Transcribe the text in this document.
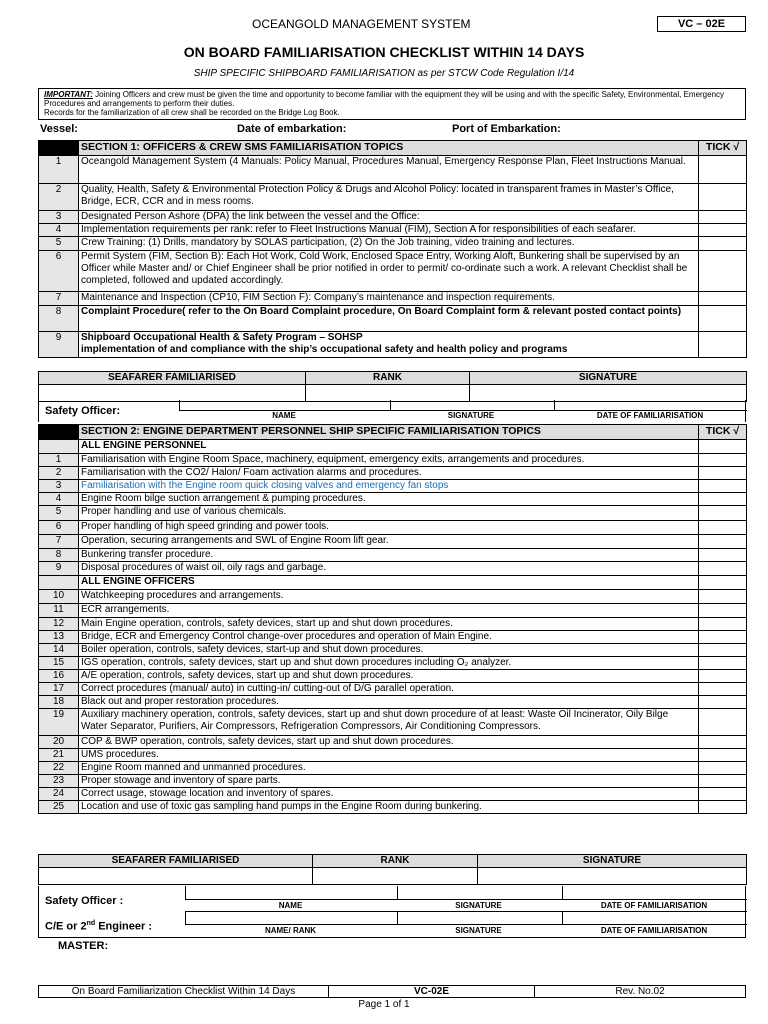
OCEANGOLD MANAGEMENT SYSTEM	VC – 02E
ON BOARD FAMILIARISATION CHECKLIST WITHIN 14 DAYS
SHIP SPECIFIC SHIPBOARD FAMILIARISATION as per STCW Code Regulation I/14
IMPORTANT: Joining Officers and crew must be given the time and opportunity to become familiar with the equipment they will be using and with the specific Safety, Environmental, Emergency Procedures and arrangements to perform their duties.
Records for the familiarization of all crew shall be recorded on the Bridge Log Book.
Vessel:	Date of embarkation:	Port of Embarkation:
	SECTION 1: OFFICERS & CREW SMS FAMILIARISATION TOPICS	TICK √
1	Oceangold Management System (4 Manuals: Policy Manual, Procedures Manual, Emergency Response Plan, Fleet Instructions Manual.	
2	Quality, Health, Safety & Environmental Protection Policy & Drugs and Alcohol Policy: located in transparent frames in Master’s Office, Bridge, ECR, CCR and in mess rooms.	
3	Designated Person Ashore (DPA) the link between the vessel and the Office:	
4	Implementation requirements per rank: refer to Fleet Instructions Manual (FIM), Section A for responsibilities of each seafarer.	
5	Crew Training: (1) Drills, mandatory by SOLAS participation, (2) On the Job training, video training and lectures.	
6	Permit System (FIM, Section B): Each Hot Work, Cold Work, Enclosed Space Entry, Working Aloft, Bunkering shall be supervised by an Officer while Master and/ or Chief Engineer shall be prior notified in order to permit/ co-ordinate such a work. A relevant Checklist shall be completed, followed and updated accordingly.	
7	Maintenance and Inspection (CP10, FIM Section F): Company’s maintenance and inspection requirements.	
8	Complaint Procedure( refer to the On Board Complaint procedure, On Board Complaint form & relevant posted contact points)	
9	Shipboard Occupational Health & Safety Program – SOHSP
implementation of and compliance with the ship’s occupational safety and health policy and programs	
SEAFARER FAMILIARISED	RANK	SIGNATURE

Safety Officer:	NAME	SIGNATURE	DATE OF FAMILIARISATION
	SECTION 2: ENGINE DEPARTMENT PERSONNEL SHIP SPECIFIC FAMILIARISATION TOPICS	TICK √
	ALL ENGINE PERSONNEL	
1	Familiarisation with Engine Room Space, machinery, equipment, emergency exits, arrangements and procedures.	
2	Familiarisation with the CO2/ Halon/ Foam activation alarms and procedures.	
3	Familiarisation with the Engine room quick closing valves and emergency fan stops	
4	Engine Room bilge suction arrangement & pumping procedures.	
5	Proper handling and use of various chemicals.	
6	Proper handling of high speed grinding and power tools.	
7	Operation, securing arrangements and SWL of Engine Room lift gear.	
8	Bunkering transfer procedure.	
9	Disposal procedures of waist oil, oily rags and garbage.	
	ALL ENGINE OFFICERS	
10	Watchkeeping procedures and arrangements.	
11	ECR arrangements.	
12	Main Engine operation, controls, safety devices, start up and shut down procedures.	
13	Bridge, ECR and Emergency Control change-over procedures and operation of Main Engine.	
14	Boiler operation, controls, safety devices, start-up and shut down procedures.	
15	IGS operation, controls, safety devices, start up and shut down procedures including O₂ analyzer.	
16	A/E operation, controls, safety devices, start up and shut down procedures.	
17	Correct procedures (manual/ auto) in cutting-in/ cutting-out of D/G parallel operation.	
18	Black out and proper restoration procedures.	
19	Auxiliary machinery operation, controls, safety devices, start up and shut down procedure of at least: Waste Oil Incinerator, Oily Bilge Water Separator, Purifiers, Air Compressors, Refrigeration Compressors, Air Conditioning Compressors.	
20	COP & BWP operation, controls, safety devices, start up and shut down procedures.	
21	UMS procedures.	
22	Engine Room manned and unmanned procedures.	
23	Proper stowage and inventory of spare parts.	
24	Correct usage, stowage location and inventory of spares.	
25	Location and use of toxic gas sampling hand pumps in the Engine Room during bunkering.	
SEAFARER FAMILIARISED	RANK	SIGNATURE

Safety Officer :	NAME	SIGNATURE	DATE OF FAMILIARISATION
C/E or 2nd Engineer :	NAME/ RANK	SIGNATURE	DATE OF FAMILIARISATION
MASTER:
On Board Familiarization Checklist Within 14 Days	VC-02E	Rev. No.02
Page 1 of 1
